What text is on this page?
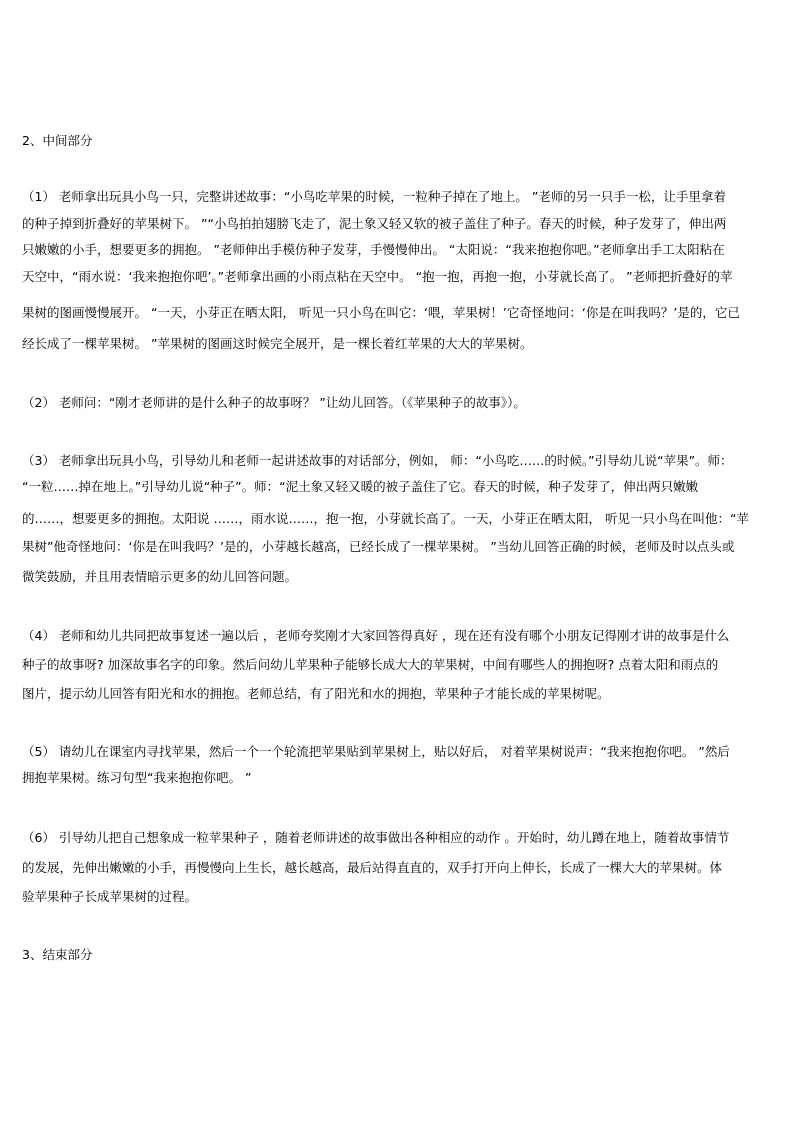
2、中间部分
（1） 老师拿出玩具小鸟一只，完整讲述故事：“小鸟吃苹果的时候，一粒种子掉在了地上。 ”老师的另一只手一松，让手里拿着
的种子掉到折叠好的苹果树下。 ”“小鸟拍拍翅膀飞走了，泥土象又轻又软的被子盖住了种子。春天的时候，种子发芽了，伸出两
只嫩嫩的小手，想要更多的拥抱。 ”老师伸出手模仿种子发芽，手慢慢伸出。 “太阳说：“我来抱抱你吧。”老师拿出手工太阳粘在
天空中，“雨水说：‘我来抱抱你吧’。”老师拿出画的小雨点粘在天空中。 “抱一抱，再抱一抱，小芽就长高了。 ”老师把折叠好的苹
果树的图画慢慢展开。 “一天，小芽正在晒太阳， 听见一只小鸟在叫它：‘喂，苹果树！’它奇怪地问：‘你是在叫我吗？’是的，它已
经长成了一棵苹果树。 ”苹果树的图画这时候完全展开，是一棵长着红苹果的大大的苹果树。
（2） 老师问：“刚才老师讲的是什么种子的故事呀？ ”让幼儿回答。（《苹果种子的故事》）。
（3） 老师拿出玩具小鸟，引导幼儿和老师一起讲述故事的对话部分，例如， 师：“小鸟吃……的时候。”引导幼儿说“苹果”。师：
“一粒……掉在地上。”引导幼儿说“种子”。师：“泥土象又轻又暖的被子盖住了它。春天的时候，种子发芽了，伸出两只嫩嫩
的……，想要更多的拥抱。太阳说 ……，雨水说……，抱一抱，小芽就长高了。一天，小芽正在晒太阳， 听见一只小鸟在叫他：“苹
果树”他奇怪地问：‘你是在叫我吗？’是的，小芽越长越高，已经长成了一棵苹果树。 ”当幼儿回答正确的时候，老师及时以点头或
微笑鼓励，并且用表情暗示更多的幼儿回答问题。
（4） 老师和幼儿共同把故事复述一遍以后 ，老师夸奖刚才大家回答得真好 ，现在还有没有哪个小朋友记得刚才讲的故事是什么
种子的故事呀? 加深故事名字的印象。然后问幼儿苹果种子能够长成大大的苹果树，中间有哪些人的拥抱呀? 点着太阳和雨点的
图片，提示幼儿回答有阳光和水的拥抱。老师总结，有了阳光和水的拥抱，苹果种子才能长成的苹果树呢。
（5） 请幼儿在课室内寻找苹果，然后一个一个轮流把苹果贴到苹果树上，贴以好后， 对着苹果树说声：“我来抱抱你吧。 ”然后
拥抱苹果树。练习句型“我来抱抱你吧。 ”
（6） 引导幼儿把自己想象成一粒苹果种子 ，随着老师讲述的故事做出各种相应的动作 。开始时，幼儿蹲在地上，随着故事情节
的发展，先伸出嫩嫩的小手，再慢慢向上生长，越长越高，最后站得直直的，双手打开向上伸长，长成了一棵大大的苹果树。体
验苹果种子长成苹果树的过程。
3、结束部分
